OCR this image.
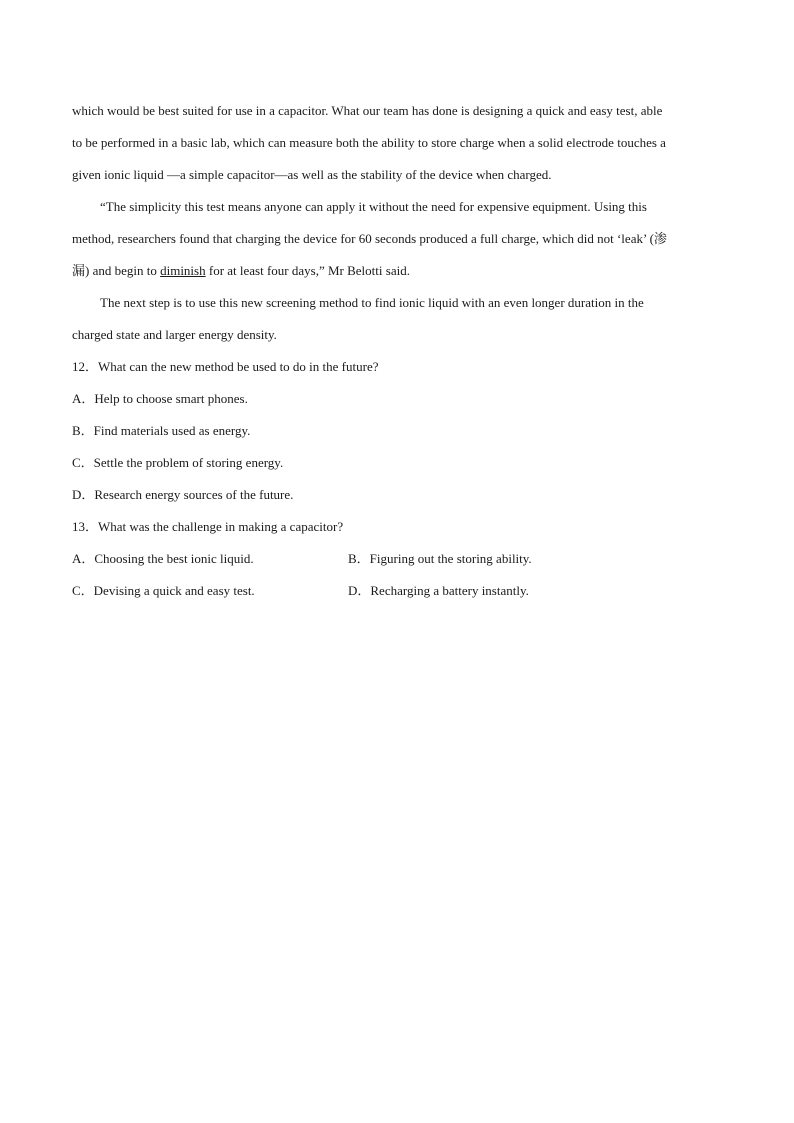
which would be best suited for use in a capacitor. What our team has done is designing a quick and easy test, able
to be performed in a basic lab, which can measure both the ability to store charge when a solid electrode touches a
given ionic liquid —a simple capacitor—as well as the stability of the device when charged.
“The simplicity this test means anyone can apply it without the need for expensive equipment. Using this
method, researchers found that charging the device for 60 seconds produced a full charge, which did not ‘leak’ (渗
漏) and begin to diminish for at least four days,” Mr Belotti said.
The next step is to use this new screening method to find ionic liquid with an even longer duration in the
charged state and larger energy density.
12．What can the new method be used to do in the future?
A．Help to choose smart phones.
B．Find materials used as energy.
C．Settle the problem of storing energy.
D．Research energy sources of the future.
13．What was the challenge in making a capacitor?
A．Choosing the best ionic liquid.	B．Figuring out the storing ability.
C．Devising a quick and easy test.	D．Recharging a battery instantly.
